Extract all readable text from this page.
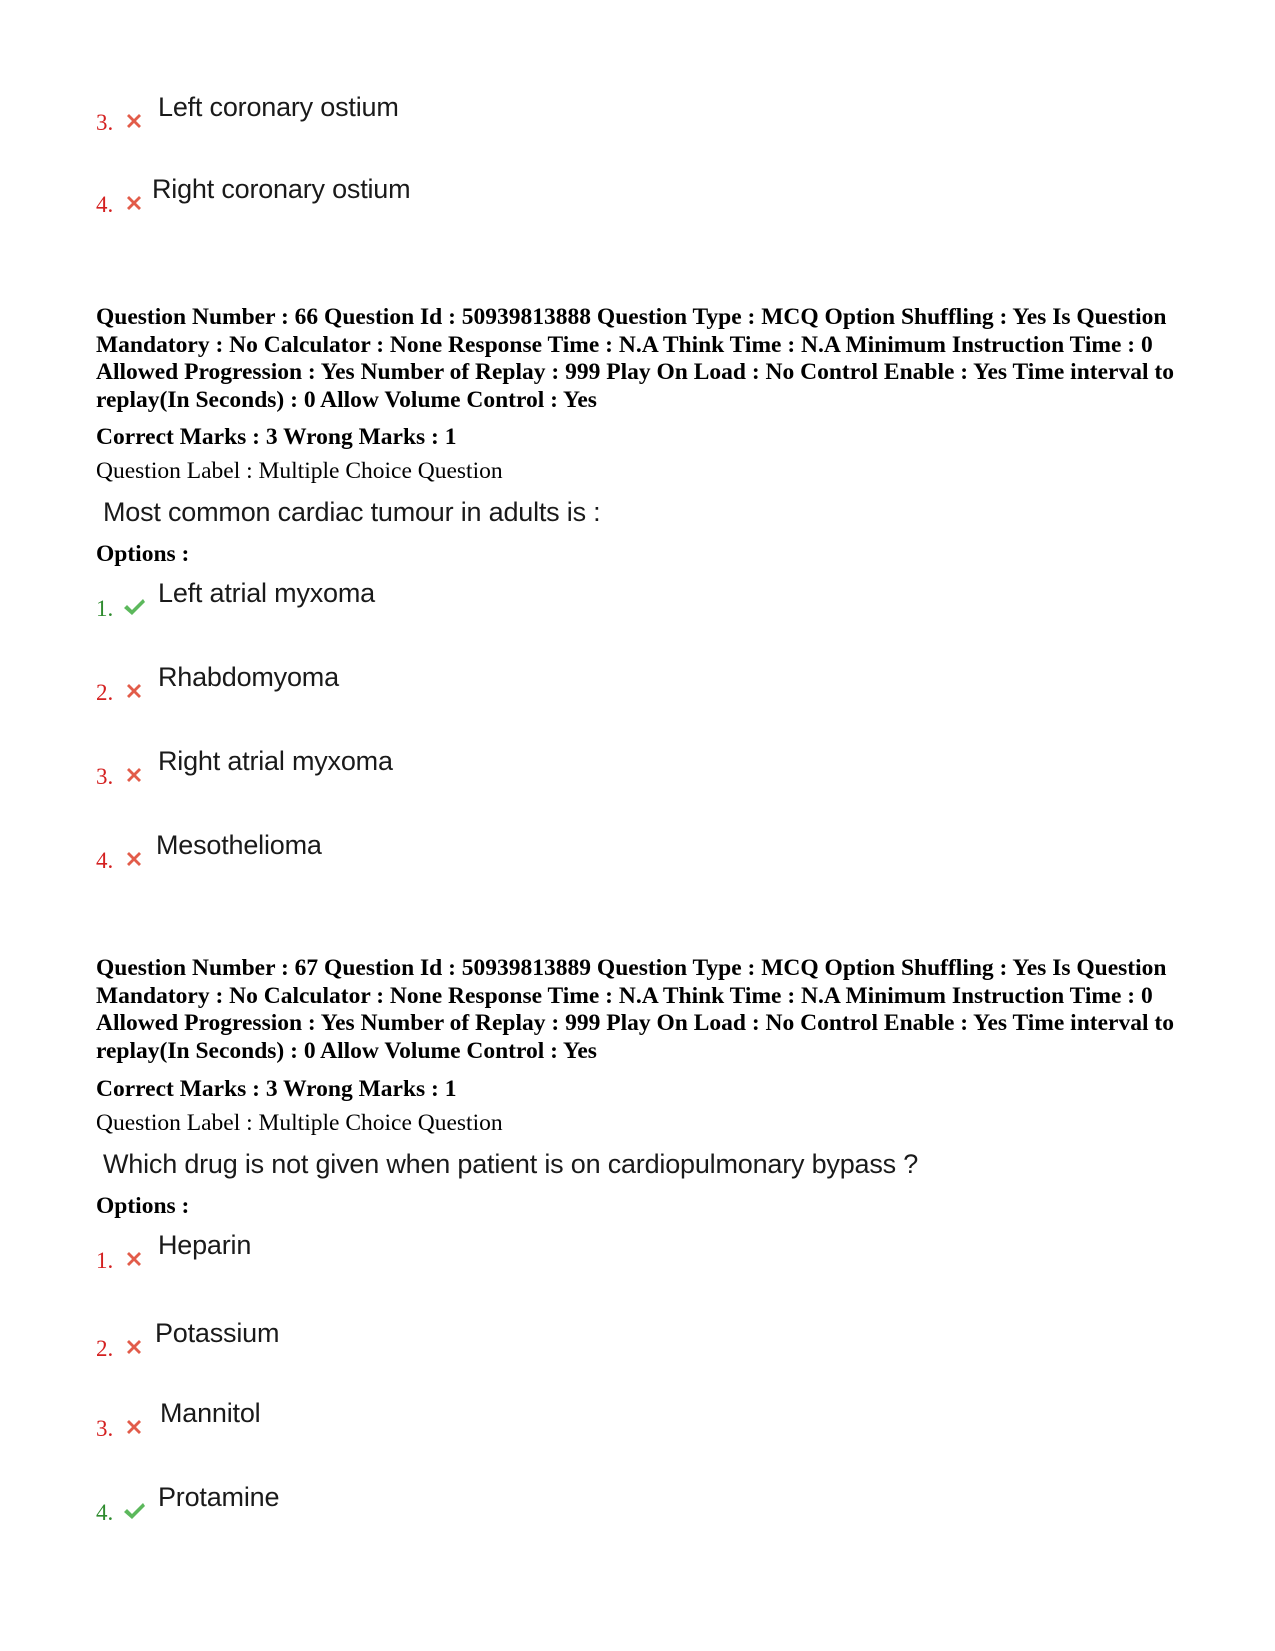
3.
Left coronary ostium
4.
Right coronary ostium

Question Number : 66 Question Id : 50939813888 Question Type : MCQ Option Shuffling : Yes Is Question Mandatory : No Calculator : None Response Time : N.A Think Time : N.A Minimum Instruction Time : 0 Allowed Progression : Yes Number of Replay : 999 Play On Load : No Control Enable : Yes Time interval to replay(In Seconds) : 0 Allow Volume Control : Yes

Correct Marks : 3 Wrong Marks : 1

Question Label : Multiple Choice Question

Most common cardiac tumour in adults is :

Options :

1.
Left atrial myxoma
2.
Rhabdomyoma
3.
Right atrial myxoma
4.
Mesothelioma

Question Number : 67 Question Id : 50939813889 Question Type : MCQ Option Shuffling : Yes Is Question Mandatory : No Calculator : None Response Time : N.A Think Time : N.A Minimum Instruction Time : 0 Allowed Progression : Yes Number of Replay : 999 Play On Load : No Control Enable : Yes Time interval to replay(In Seconds) : 0 Allow Volume Control : Yes

Correct Marks : 3 Wrong Marks : 1

Question Label : Multiple Choice Question

Which drug is not given when patient is on cardiopulmonary bypass ?

Options :

1.
Heparin
2.
Potassium
3.
Mannitol
4.
Protamine
